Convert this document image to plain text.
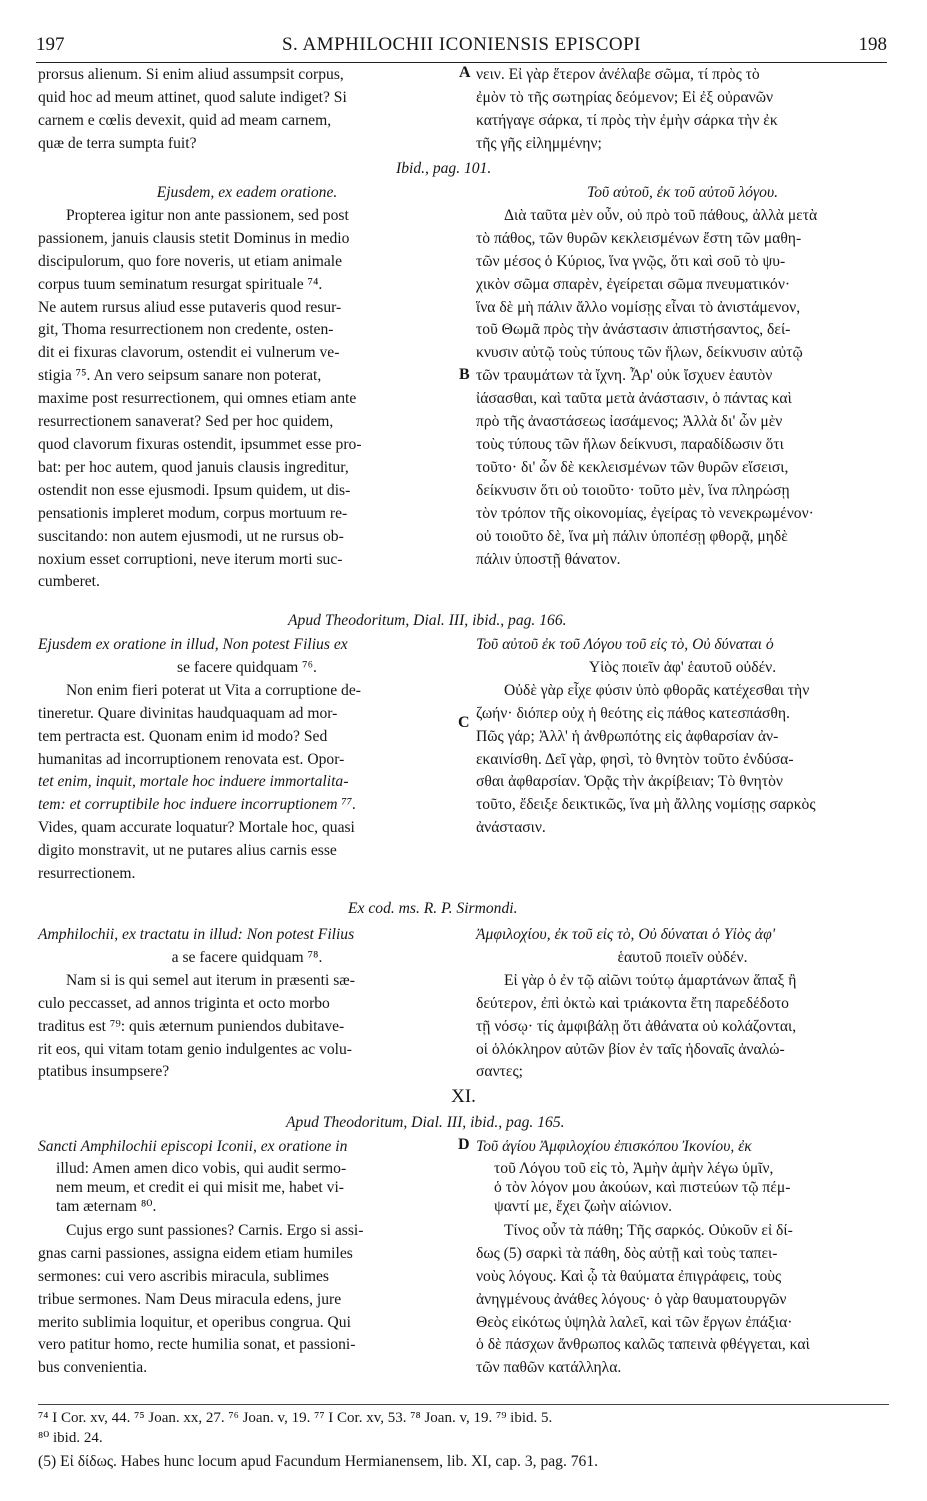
197	S. AMPHILOCHII ICONIENSIS EPISCOPI	198

prorsus alienum. Si enim aliud assumpsit corpus,

quid hoc ad meum attinet, quod salute indiget? Si

carnem e cœlis devexit, quid ad meam carnem,

quæ de terra sumpta fuit?

νειν. Εἰ γὰρ ἕτερον ἀνέλαβε σῶμα, τί πρὸς τὸ

ἐμὸν τὸ τῆς σωτηρίας δεόμενον; Εἰ ἐξ οὐρανῶν

κατήγαγε σάρκα, τί πρὸς τὴν ἐμὴν σάρκα τὴν ἐκ

τῆς γῆς εἰλημμένην;

Ibid., pag. 101.

Ejusdem, ex eadem oratione.

Propterea igitur non ante passionem, sed post

passionem, januis clausis stetit Dominus in medio

discipulorum, quo fore noveris, ut etiam animale

corpus tuum seminatum resurgat spirituale ⁷⁴.

Ne autem rursus aliud esse putaveris quod resur-

git, Thoma resurrectionem non credente, osten-

dit ei fixuras clavorum, ostendit ei vulnerum ve-

stigia ⁷⁵. An vero seipsum sanare non poterat,

maxime post resurrectionem, qui omnes etiam ante

resurrectionem sanaverat? Sed per hoc quidem,

quod clavorum fixuras ostendit, ipsummet esse pro-

bat: per hoc autem, quod januis clausis ingreditur,

ostendit non esse ejusmodi. Ipsum quidem, ut dis-

pensationis impleret modum, corpus mortuum re-

suscitando: non autem ejusmodi, ut ne rursus ob-

noxium esset corruptioni, neve iterum morti suc-

cumberet.

Τοῦ αὐτοῦ, ἐκ τοῦ αὐτοῦ λόγου.

Διὰ ταῦτα μὲν οὖν, οὐ πρὸ τοῦ πάθους, ἀλλὰ μετὰ

τὸ πάθος, τῶν θυρῶν κεκλεισμένων ἔστη τῶν μαθη-

τῶν μέσος ὁ Κύριος, ἵνα γνῷς, ὅτι καὶ σοῦ τὸ ψυ-

χικὸν σῶμα σπαρὲν, ἐγείρεται σῶμα πνευματικόν·

ἵνα δὲ μὴ πάλιν ἄλλο νομίσῃς εἶναι τὸ ἀνιστάμενον,

τοῦ Θωμᾶ πρὸς τὴν ἀνάστασιν ἀπιστήσαντος, δεί-

κνυσιν αὐτῷ τοὺς τύπους τῶν ἥλων, δείκνυσιν αὐτῷ

τῶν τραυμάτων τὰ ἴχνη. Ἆρ' οὐκ ἴσχυεν ἑαυτὸν

ἰάσασθαι, καὶ ταῦτα μετὰ ἀνάστασιν, ὁ πάντας καὶ

πρὸ τῆς ἀναστάσεως ἰασάμενος; Ἀλλὰ δι' ὧν μὲν

τοὺς τύπους τῶν ἥλων δείκνυσι, παραδίδωσιν ὅτι

τοῦτο· δι' ὧν δὲ κεκλεισμένων τῶν θυρῶν εἴσεισι,

δείκνυσιν ὅτι οὐ τοιοῦτο· τοῦτο μὲν, ἵνα πληρώσῃ

τὸν τρόπον τῆς οἰκονομίας, ἐγείρας τὸ νενεκρωμένον·

οὐ τοιοῦτο δὲ, ἵνα μὴ πάλιν ὑποπέσῃ φθορᾷ, μηδὲ

πάλιν ὑποστῇ θάνατον.

Apud Theodoritum, Dial. III, ibid., pag. 166.

Ejusdem ex oratione in illud, Non potest Filius ex

se facere quidquam ⁷⁶.

Non enim fieri poterat ut Vita a corruptione de-

tineretur. Quare divinitas haudquaquam ad mor-

tem pertracta est. Quonam enim id modo? Sed

humanitas ad incorruptionem renovata est. Opor-

tet enim, inquit, mortale hoc induere immortalita-

tem: et corruptibile hoc induere incorruptionem ⁷⁷.

Vides, quam accurate loquatur? Mortale hoc, quasi

digito monstravit, ut ne putares alius carnis esse

resurrectionem.

Τοῦ αὐτοῦ ἐκ τοῦ Λόγου τοῦ εἰς τὸ, Οὐ δύναται ὁ

Υἱὸς ποιεῖν ἀφ' ἑαυτοῦ οὐδέν.

Οὐδὲ γὰρ εἶχε φύσιν ὑπὸ φθορᾶς κατέχεσθαι τὴν

ζωήν· διόπερ οὐχ ἡ θεότης εἰς πάθος κατεσπάσθη.

Πῶς γάρ; Ἀλλ' ἡ ἀνθρωπότης εἰς ἀφθαρσίαν ἀν-

εκαινίσθη. Δεῖ γὰρ, φησὶ, τὸ θνητὸν τοῦτο ἐνδύσα-

σθαι ἀφθαρσίαν. Ὁρᾷς τὴν ἀκρίβειαν; Τὸ θνητὸν

τοῦτο, ἔδειξε δεικτικῶς, ἵνα μὴ ἄλλης νομίσῃς σαρκὸς

ἀνάστασιν.

Ex cod. ms. R. P. Sirmondi.

Amphilochii, ex tractatu in illud: Non potest Filius

a se facere quidquam ⁷⁸.

Nam si is qui semel aut iterum in præsenti sæ-

culo peccasset, ad annos triginta et octo morbo

traditus est ⁷⁹: quis æternum puniendos dubitave-

rit eos, qui vitam totam genio indulgentes ac volu-

ptatibus insumpsere?

Ἀμφιλοχίου, ἐκ τοῦ εἰς τὸ, Οὐ δύναται ὁ Υἱὸς ἀφ'

ἑαυτοῦ ποιεῖν οὐδέν.

Εἰ γὰρ ὁ ἐν τῷ αἰῶνι τούτῳ ἁμαρτάνων ἅπαξ ἢ

δεύτερον, ἐπὶ ὀκτὼ καὶ τριάκοντα ἔτη παρεδέδοτο

τῇ νόσῳ· τίς ἀμφιβάλῃ ὅτι ἀθάνατα οὐ κολάζονται,

οἱ ὁλόκληρον αὐτῶν βίον ἐν ταῖς ἡδοναῖς ἀναλώ-

σαντες;

XI.
Apud Theodoritum, Dial. III, ibid., pag. 165.

Sancti Amphilochii episcopi Iconii, ex oratione in

illud: Amen amen dico vobis, qui audit sermo-

nem meum, et credit ei qui misit me, habet vi-

tam æternam ⁸⁰.

Cujus ergo sunt passiones? Carnis. Ergo si assi-

gnas carni passiones, assigna eidem etiam humiles

sermones: cui vero ascribis miracula, sublimes

tribue sermones. Nam Deus miracula edens, jure

merito sublimia loquitur, et operibus congrua. Qui

vero patitur homo, recte humilia sonat, et passioni-

bus convenientia.

Τοῦ ἁγίου Ἀμφιλοχίου ἐπισκόπου Ἰκονίου, ἐκ

τοῦ Λόγου τοῦ εἰς τὸ, Ἀμὴν ἀμὴν λέγω ὑμῖν,

ὁ τὸν λόγον μου ἀκούων, καὶ πιστεύων τῷ πέμ-

ψαντί με, ἔχει ζωὴν αἰώνιον.

Τίνος οὖν τὰ πάθη; Τῆς σαρκός. Οὐκοῦν εἰ δί-

δως (5) σαρκὶ τὰ πάθη, δὸς αὐτῇ καὶ τοὺς ταπει-

νοὺς λόγους. Καὶ ᾧ τὰ θαύματα ἐπιγράφεις, τοὺς

ἀνηγμένους ἀνάθες λόγους· ὁ γὰρ θαυματουργῶν

Θεὸς εἰκότως ὑψηλὰ λαλεῖ, καὶ τῶν ἔργων ἐπάξια·

ὁ δὲ πάσχων ἄνθρωπος καλῶς ταπεινὰ φθέγγεται, καὶ

τῶν παθῶν κατάλληλα.

A
B
C
D
⁷⁴ I Cor. xv, 44. ⁷⁵ Joan. xx, 27. ⁷⁶ Joan. v, 19. ⁷⁷ I Cor. xv, 53. ⁷⁸ Joan. v, 19. ⁷⁹ ibid. 5.
⁸⁰ ibid. 24.
(5) Εἰ δίδως. Habes hunc locum apud Facundum Hermianensem, lib. XI, cap. 3, pag. 761.
